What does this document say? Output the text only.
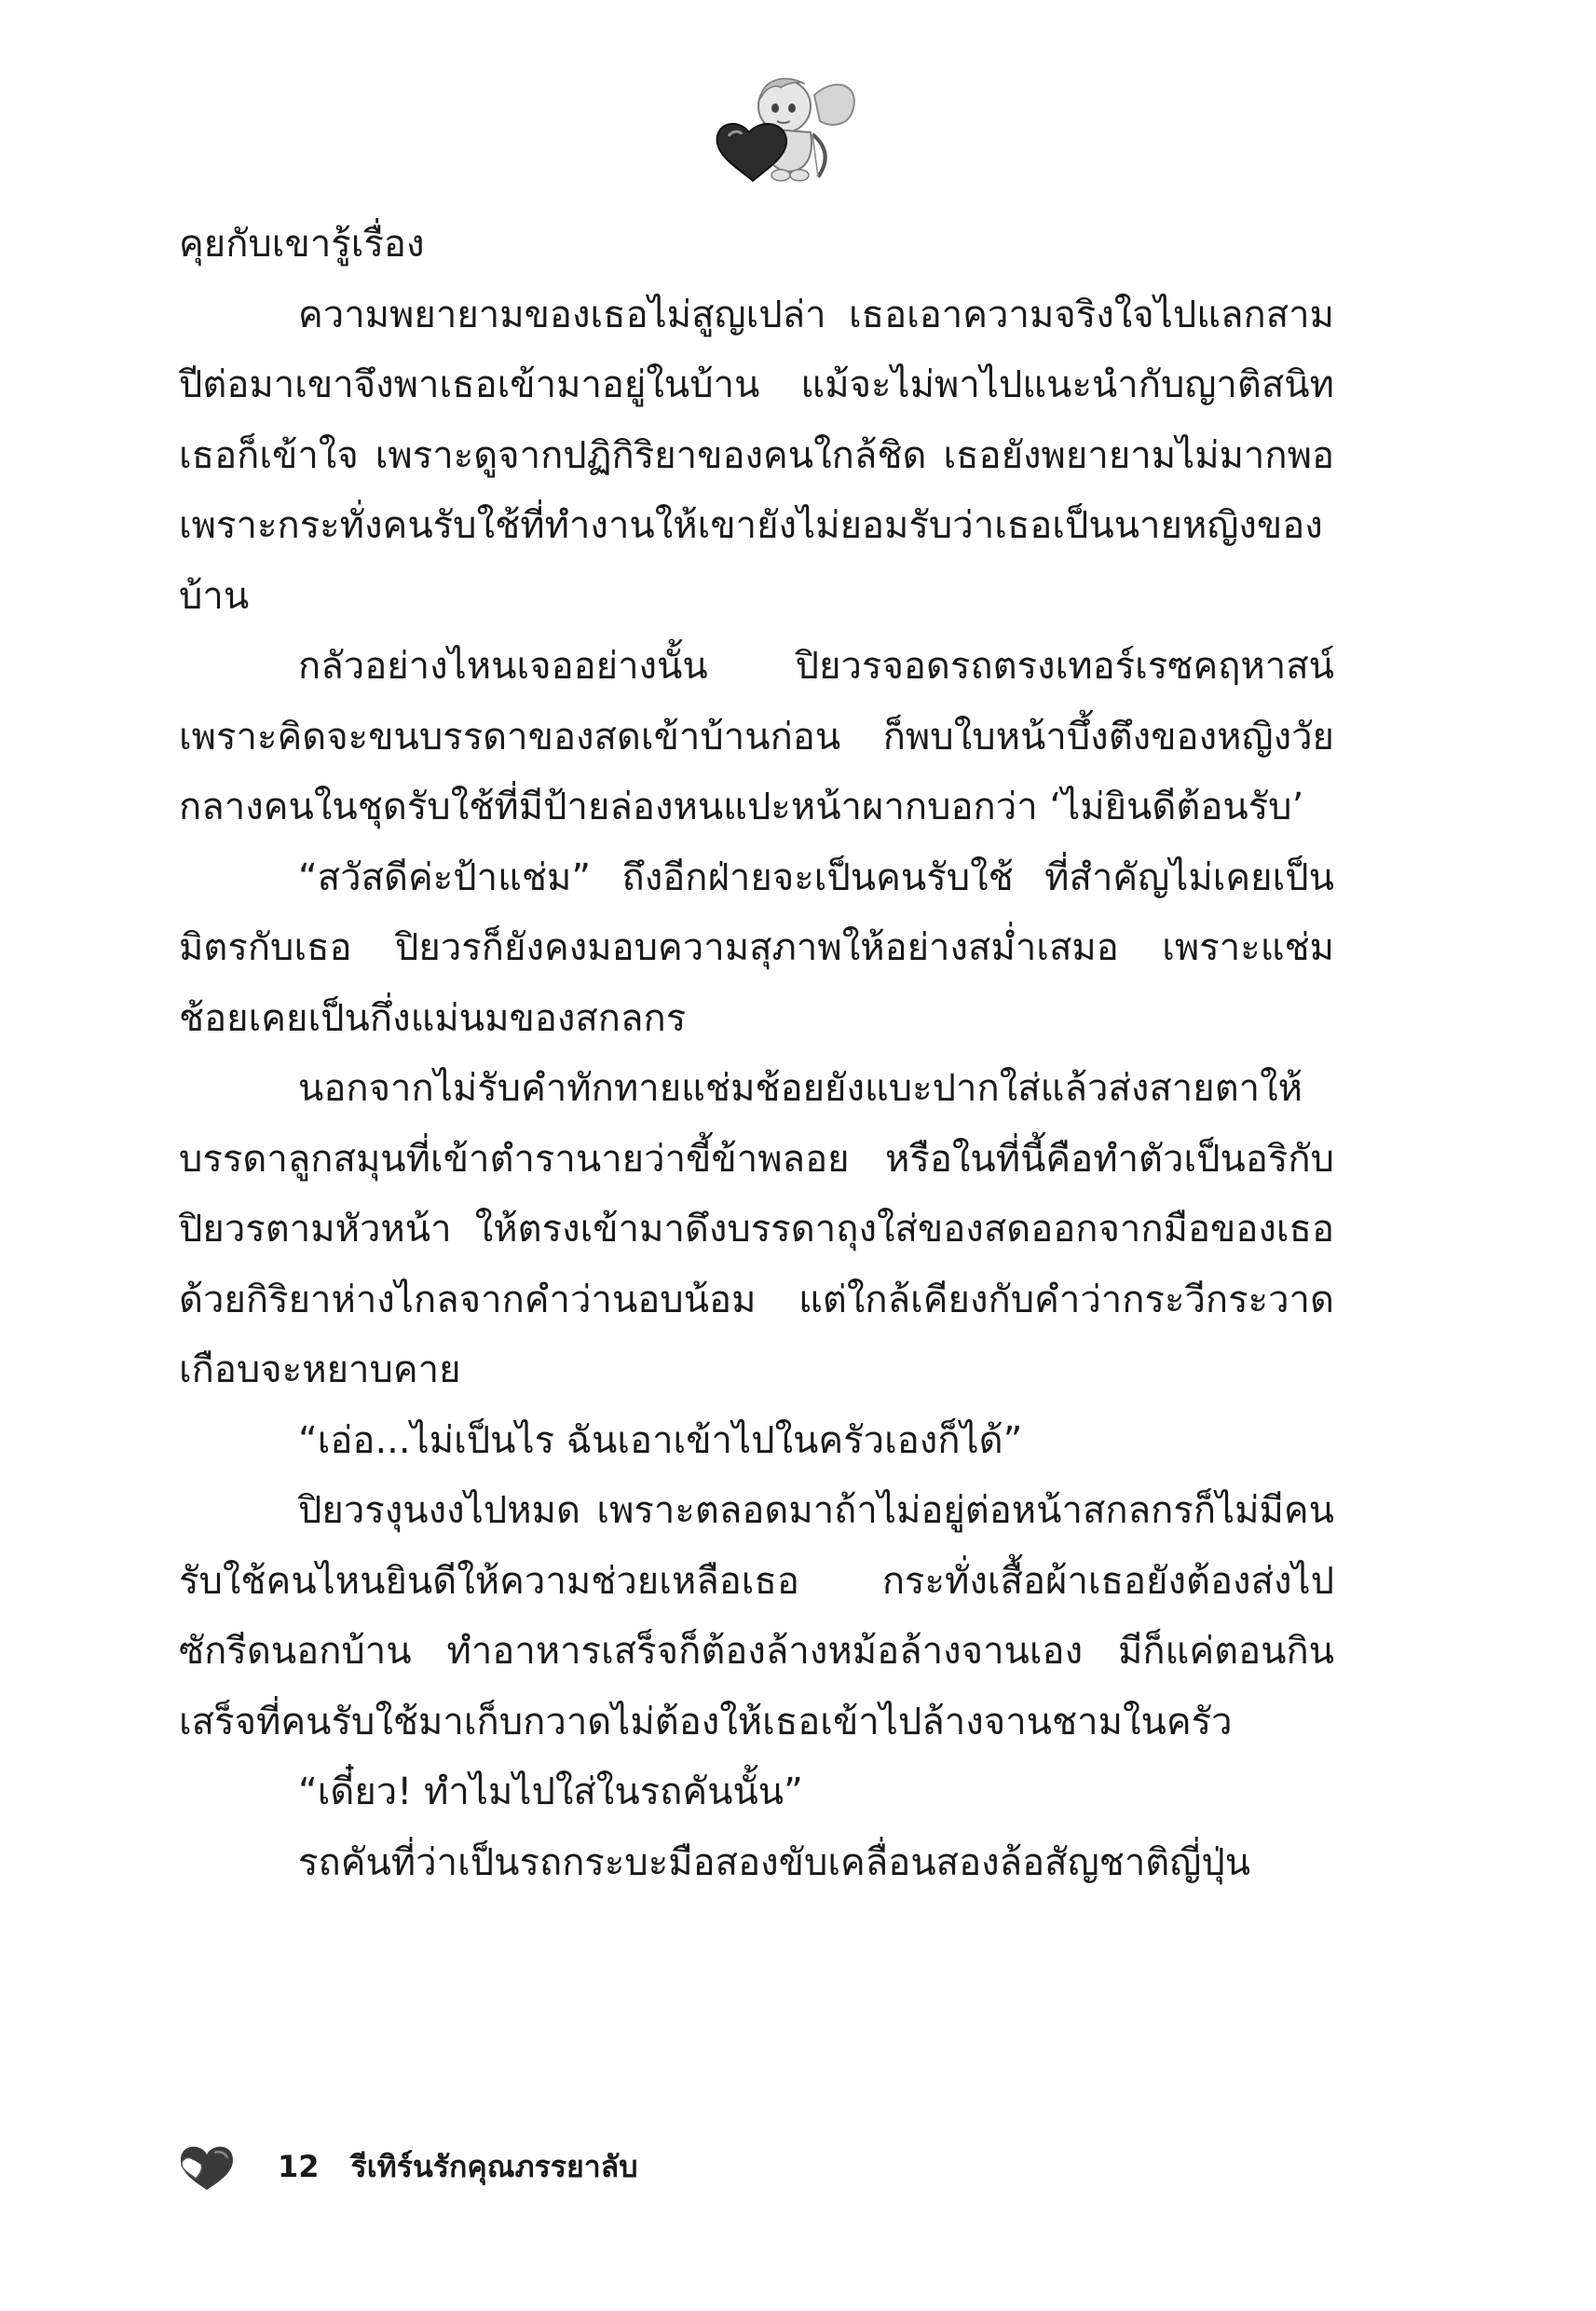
คุยกับเขารู้เรื่อง

ความพยายามของเธอไม่สูญเปล่า เธอเอาความจริงใจไปแลกสามปีต่อมาเขาจึงพาเธอเข้ามาอยู่ในบ้าน แม้จะไม่พาไปแนะนำกับญาติสนิทเธอก็เข้าใจ เพราะดูจากปฏิกิริยาของคนใกล้ชิด เธอยังพยายามไม่มากพอ เพราะกระทั่งคนรับใช้ที่ทำงานให้เขายังไม่ยอมรับว่าเธอเป็นนายหญิงของบ้าน

กลัวอย่างไหนเจออย่างนั้น ปิยวรจอดรถตรงเทอร์เรซคฤหาสน์เพราะคิดจะขนบรรดาของสดเข้าบ้านก่อน ก็พบใบหน้าบึ้งตึงของหญิงวัยกลางคนในชุดรับใช้ที่มีป้ายล่องหนแปะหน้าผากบอกว่า ‘ไม่ยินดีต้อนรับ’

“สวัสดีค่ะป้าแช่ม” ถึงอีกฝ่ายจะเป็นคนรับใช้ ที่สำคัญไม่เคยเป็นมิตรกับเธอ ปิยวรก็ยังคงมอบความสุภาพให้อย่างสม่ำเสมอ เพราะแช่มช้อยเคยเป็นกึ่งแม่นมของสกลกร

นอกจากไม่รับคำทักทายแช่มช้อยยังแบะปากใส่แล้วส่งสายตาให้บรรดาลูกสมุนที่เข้าตำรานายว่าขี้ข้าพลอย หรือในที่นี้คือทำตัวเป็นอริกับปิยวรตามหัวหน้า ให้ตรงเข้ามาดึงบรรดาถุงใส่ของสดออกจากมือของเธอ ด้วยกิริยาห่างไกลจากคำว่านอบน้อม แต่ใกล้เคียงกับคำว่ากระวีกระวาด เกือบจะหยาบคาย

“เอ่อ...ไม่เป็นไร ฉันเอาเข้าไปในครัวเองก็ได้”

ปิยวรงุนงงไปหมด เพราะตลอดมาถ้าไม่อยู่ต่อหน้าสกลกรก็ไม่มีคนรับใช้คนไหนยินดีให้ความช่วยเหลือเธอ กระทั่งเสื้อผ้าเธอยังต้องส่งไปซักรีดนอกบ้าน ทำอาหารเสร็จก็ต้องล้างหม้อล้างจานเอง มีก็แค่ตอนกินเสร็จที่คนรับใช้มาเก็บกวาดไม่ต้องให้เธอเข้าไปล้างจานชามในครัว

“เดี๋ยว! ทำไมไปใส่ในรถคันนั้น”

รถคันที่ว่าเป็นรถกระบะมือสองขับเคลื่อนสองล้อสัญชาติญี่ปุ่น

12 รีเทิร์นรักคุณภรรยาลับ
